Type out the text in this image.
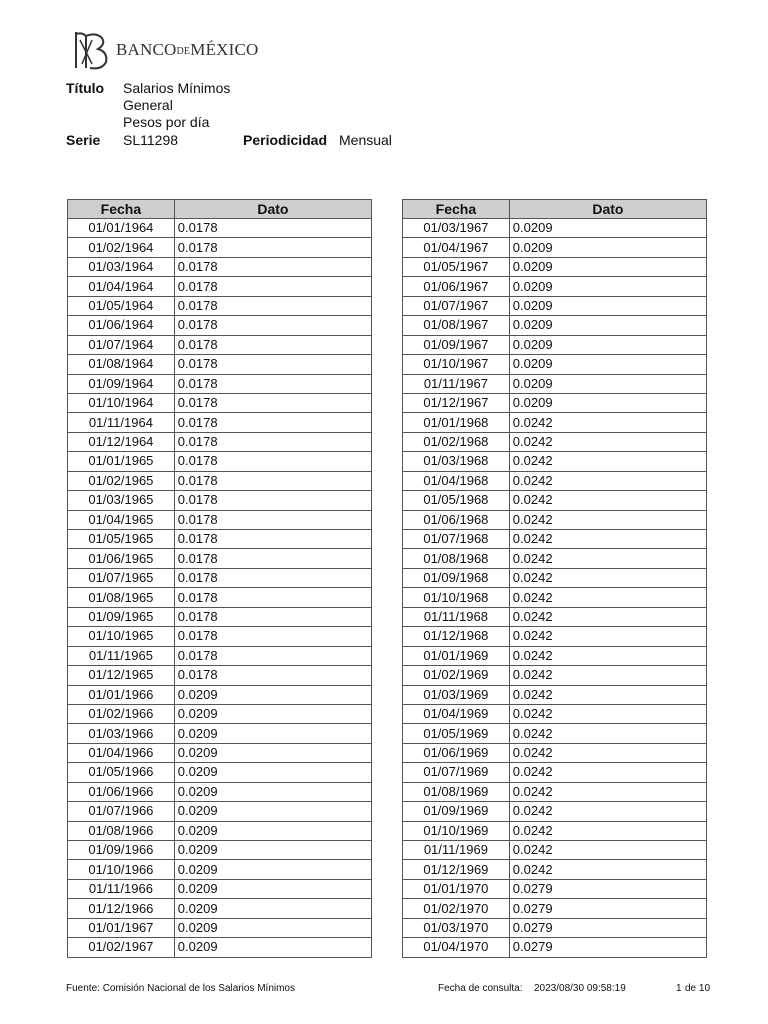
BANCODEMÉXICO
Título Salarios Mínimos
General
Pesos por día
Serie SL11298	Periodicidad Mensual
Fecha	Dato
01/01/1964	0.0178
01/02/1964	0.0178
01/03/1964	0.0178
01/04/1964	0.0178
01/05/1964	0.0178
01/06/1964	0.0178
01/07/1964	0.0178
01/08/1964	0.0178
01/09/1964	0.0178
01/10/1964	0.0178
01/11/1964	0.0178
01/12/1964	0.0178
01/01/1965	0.0178
01/02/1965	0.0178
01/03/1965	0.0178
01/04/1965	0.0178
01/05/1965	0.0178
01/06/1965	0.0178
01/07/1965	0.0178
01/08/1965	0.0178
01/09/1965	0.0178
01/10/1965	0.0178
01/11/1965	0.0178
01/12/1965	0.0178
01/01/1966	0.0209
01/02/1966	0.0209
01/03/1966	0.0209
01/04/1966	0.0209
01/05/1966	0.0209
01/06/1966	0.0209
01/07/1966	0.0209
01/08/1966	0.0209
01/09/1966	0.0209
01/10/1966	0.0209
01/11/1966	0.0209
01/12/1966	0.0209
01/01/1967	0.0209
01/02/1967	0.0209
Fecha	Dato
01/03/1967	0.0209
01/04/1967	0.0209
01/05/1967	0.0209
01/06/1967	0.0209
01/07/1967	0.0209
01/08/1967	0.0209
01/09/1967	0.0209
01/10/1967	0.0209
01/11/1967	0.0209
01/12/1967	0.0209
01/01/1968	0.0242
01/02/1968	0.0242
01/03/1968	0.0242
01/04/1968	0.0242
01/05/1968	0.0242
01/06/1968	0.0242
01/07/1968	0.0242
01/08/1968	0.0242
01/09/1968	0.0242
01/10/1968	0.0242
01/11/1968	0.0242
01/12/1968	0.0242
01/01/1969	0.0242
01/02/1969	0.0242
01/03/1969	0.0242
01/04/1969	0.0242
01/05/1969	0.0242
01/06/1969	0.0242
01/07/1969	0.0242
01/08/1969	0.0242
01/09/1969	0.0242
01/10/1969	0.0242
01/11/1969	0.0242
01/12/1969	0.0242
01/01/1970	0.0279
01/02/1970	0.0279
01/03/1970	0.0279
01/04/1970	0.0279
Fuente: Comisión Nacional de los Salarios Mínimos	Fecha de consulta: 2023/08/30 09:58:19	1 de 10
